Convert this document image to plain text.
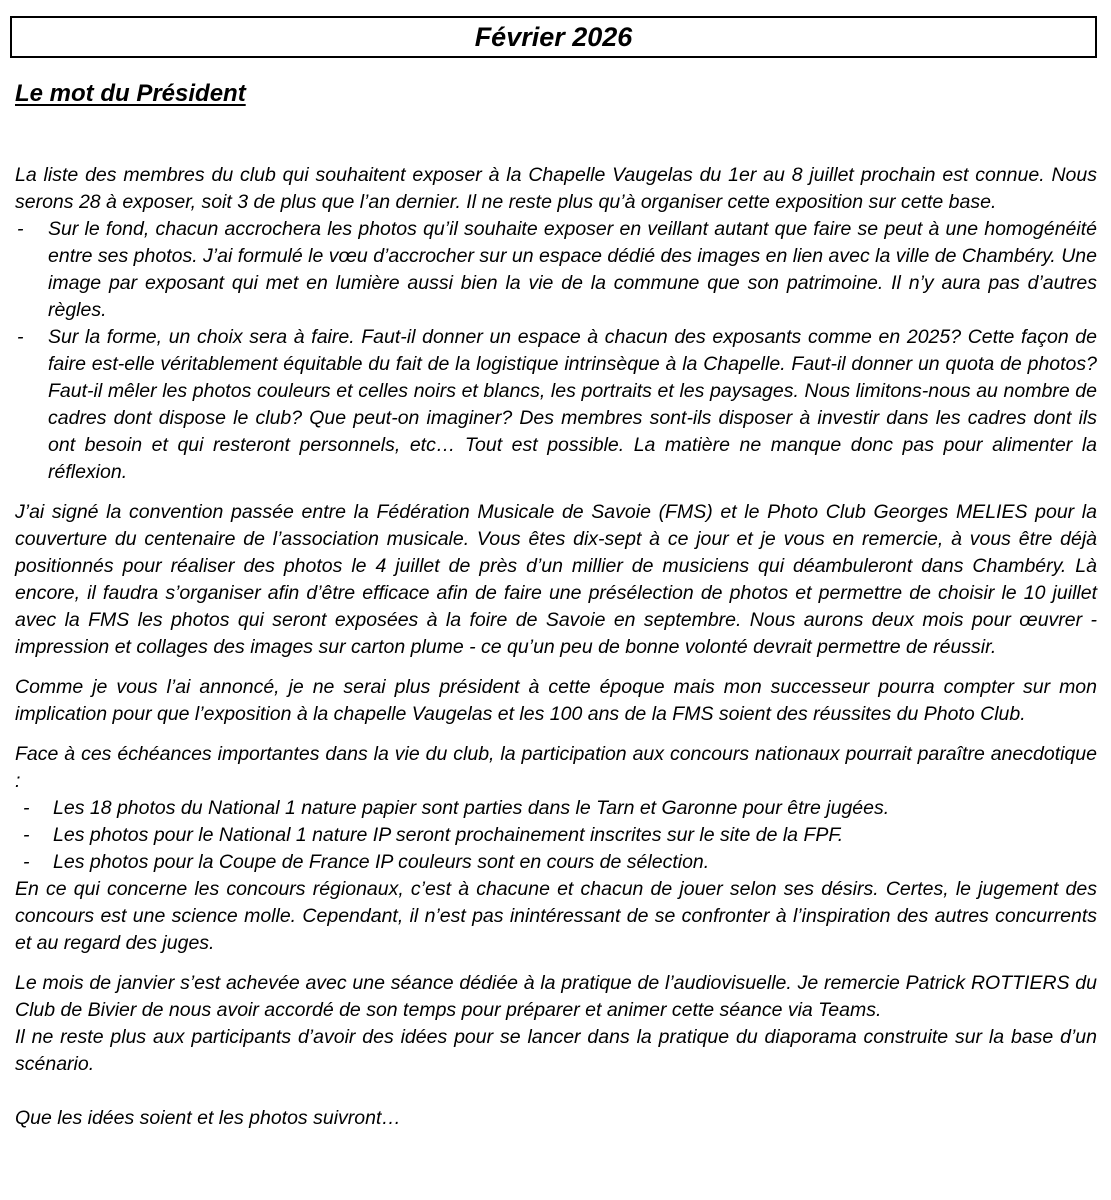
Février 2026
Le mot du Président

La liste des membres du club qui souhaitent exposer à la Chapelle Vaugelas du 1er au 8 juillet prochain est connue. Nous serons 28 à exposer, soit 3 de plus que l’an dernier. Il ne reste plus qu’à organiser cette exposition sur cette base.

- Sur le fond, chacun accrochera les photos qu’il souhaite exposer en veillant autant que faire se peut à une homogénéité entre ses photos. J’ai formulé le vœu d’accrocher sur un espace dédié des images en lien avec la ville de Chambéry. Une image par exposant qui met en lumière aussi bien la vie de la commune que son patrimoine. Il n’y aura pas d’autres règles.
- Sur la forme, un choix sera à faire. Faut-il donner un espace à chacun des exposants comme en 2025? Cette façon de faire est-elle véritablement équitable du fait de la logistique intrinsèque à la Chapelle. Faut-il donner un quota de photos? Faut-il mêler les photos couleurs et celles noirs et blancs, les portraits et les paysages. Nous limitons-nous au nombre de cadres dont dispose le club? Que peut-on imaginer? Des membres sont-ils disposer à investir dans les cadres dont ils ont besoin et qui resteront personnels, etc… Tout est possible. La matière ne manque donc pas pour alimenter la réflexion.

J’ai signé la convention passée entre la Fédération Musicale de Savoie (FMS) et le Photo Club Georges MELIES pour la couverture du centenaire de l’association musicale. Vous êtes dix-sept à ce jour et je vous en remercie, à vous être déjà positionnés pour réaliser des photos le 4 juillet de près d’un millier de musiciens qui déambuleront dans Chambéry. Là encore, il faudra s’organiser afin d’être efficace afin de faire une présélection de photos et permettre de choisir le 10 juillet avec la FMS les photos qui seront exposées à la foire de Savoie en septembre. Nous aurons deux mois pour œuvrer - impression et collages des images sur carton plume - ce qu’un peu de bonne volonté devrait permettre de réussir.

Comme je vous l’ai annoncé, je ne serai plus président à cette époque mais mon successeur pourra compter sur mon implication pour que l’exposition à la chapelle Vaugelas et les 100 ans de la FMS soient des réussites du Photo Club.

Face à ces échéances importantes dans la vie du club, la participation aux concours nationaux pourrait paraître anecdotique :

- Les 18 photos du National 1 nature papier sont parties dans le Tarn et Garonne pour être jugées.
- Les photos pour le National 1 nature IP seront prochainement inscrites sur le site de la FPF.
- Les photos pour la Coupe de France IP couleurs sont en cours de sélection.

En ce qui concerne les concours régionaux, c’est à chacune et chacun de jouer selon ses désirs. Certes, le jugement des concours est une science molle. Cependant, il n’est pas inintéressant de se confronter à l’inspiration des autres concurrents et au regard des juges.

Le mois de janvier s’est achevée avec une séance dédiée à la pratique de l’audiovisuelle. Je remercie Patrick ROTTIERS du Club de Bivier de nous avoir accordé de son temps pour préparer et animer cette séance via Teams.

Il ne reste plus aux participants d’avoir des idées pour se lancer dans la pratique du diaporama construite sur la base d’un scénario.

Que les idées soient et les photos suivront…
